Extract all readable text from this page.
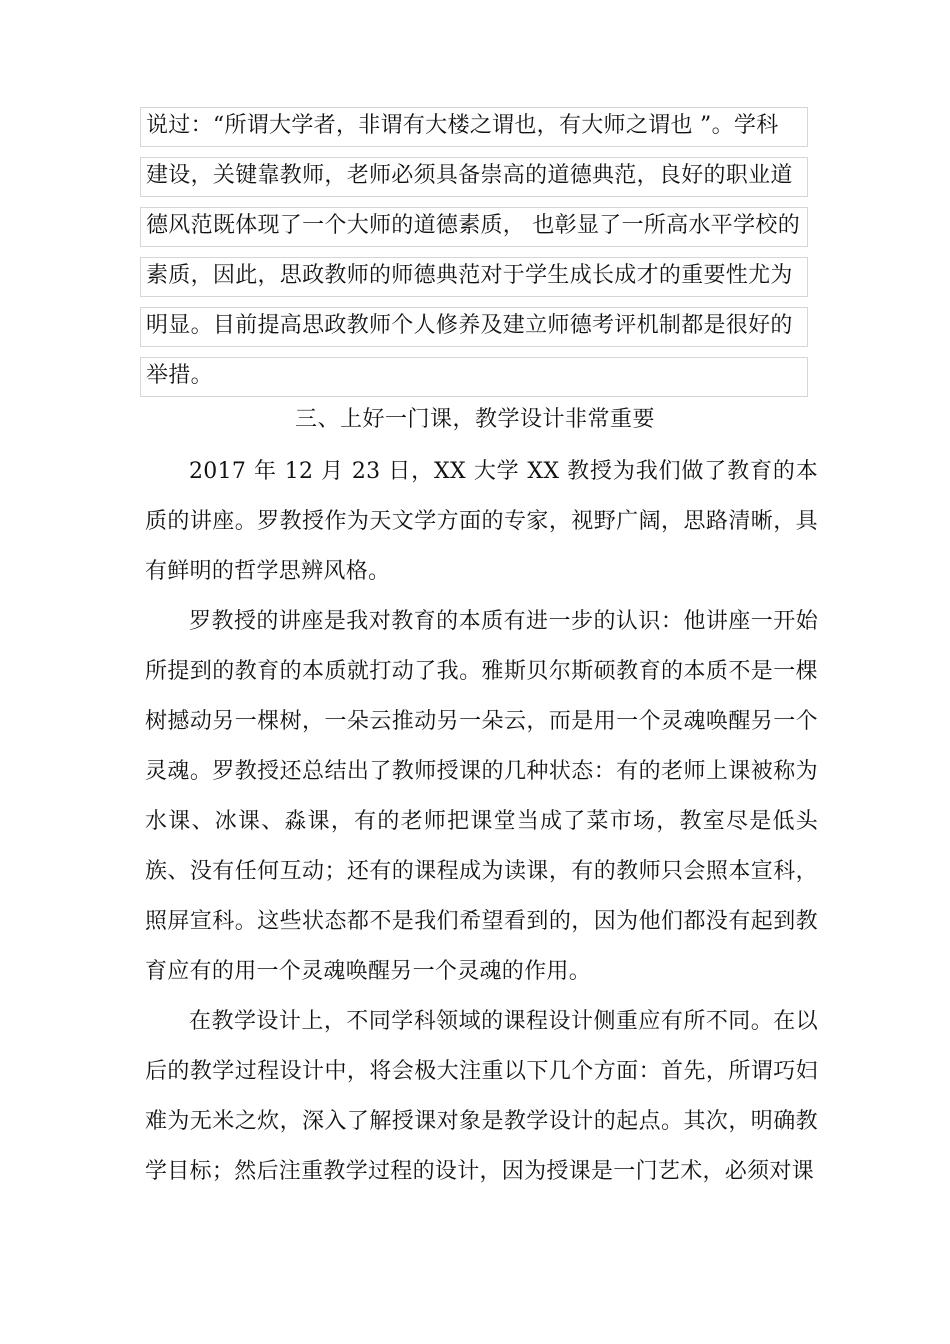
说过：“所谓大学者，非谓有大楼之谓也，有大师之谓也 ”。学科
建设，关键靠教师，老师必须具备崇高的道德典范，良好的职业道
德风范既体现了一个大师的道德素质， 也彰显了一所高水平学校的
素质，因此，思政教师的师德典范对于学生成长成才的重要性尤为
明显。目前提高思政教师个人修养及建立师德考评机制都是很好的
举措。
三、上好一门课，教学设计非常重要

2017 年 12 月 23 日，XX 大学 XX 教授为我们做了教育的本质的讲座。罗教授作为天文学方面的专家，视野广阔，思路清晰，具有鲜明的哲学思辨风格。

罗教授的讲座是我对教育的本质有进一步的认识：他讲座一开始所提到的教育的本质就打动了我。雅斯贝尔斯硕教育的本质不是一棵树撼动另一棵树，一朵云推动另一朵云，而是用一个灵魂唤醒另一个灵魂。罗教授还总结出了教师授课的几种状态：有的老师上课被称为水课、冰课、淼课，有的老师把课堂当成了菜市场，教室尽是低头族、没有任何互动；还有的课程成为读课，有的教师只会照本宣科，照屏宣科。这些状态都不是我们希望看到的，因为他们都没有起到教育应有的用一个灵魂唤醒另一个灵魂的作用。

在教学设计上，不同学科领域的课程设计侧重应有所不同。在以后的教学过程设计中，将会极大注重以下几个方面：首先，所谓巧妇难为无米之炊，深入了解授课对象是教学设计的起点。其次，明确教学目标；然后注重教学过程的设计，因为授课是一门艺术，必须对课
